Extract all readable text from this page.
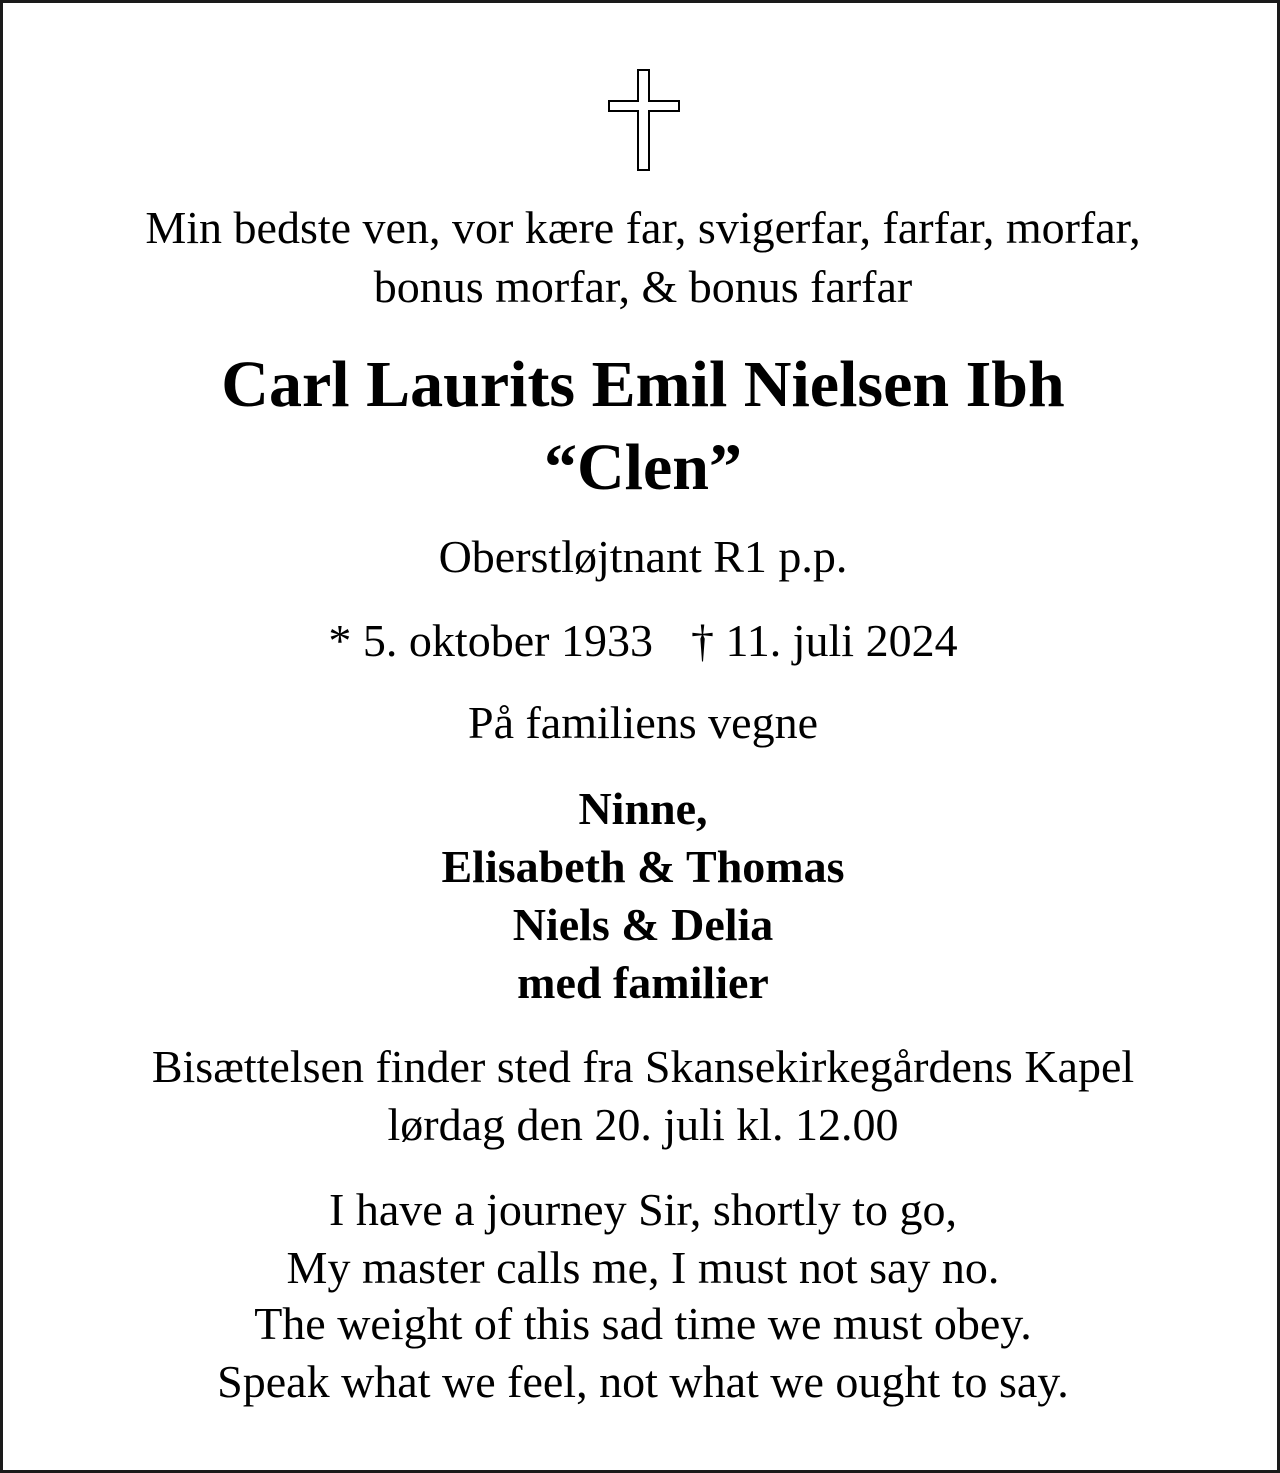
Min bedste ven, vor kære far, svigerfar, farfar, morfar,

bonus morfar, & bonus farfar

Carl Laurits Emil Nielsen Ibh

“Clen”

Oberstløjtnant R1 p.p.

* 5. oktober 1933 † 11. juli 2024

På familiens vegne

Ninne,

Elisabeth & Thomas

Niels & Delia

med familier

Bisættelsen finder sted fra Skansekirkegårdens Kapel

lørdag den 20. juli kl. 12.00

I have a journey Sir, shortly to go,

My master calls me, I must not say no.

The weight of this sad time we must obey.

Speak what we feel, not what we ought to say.
